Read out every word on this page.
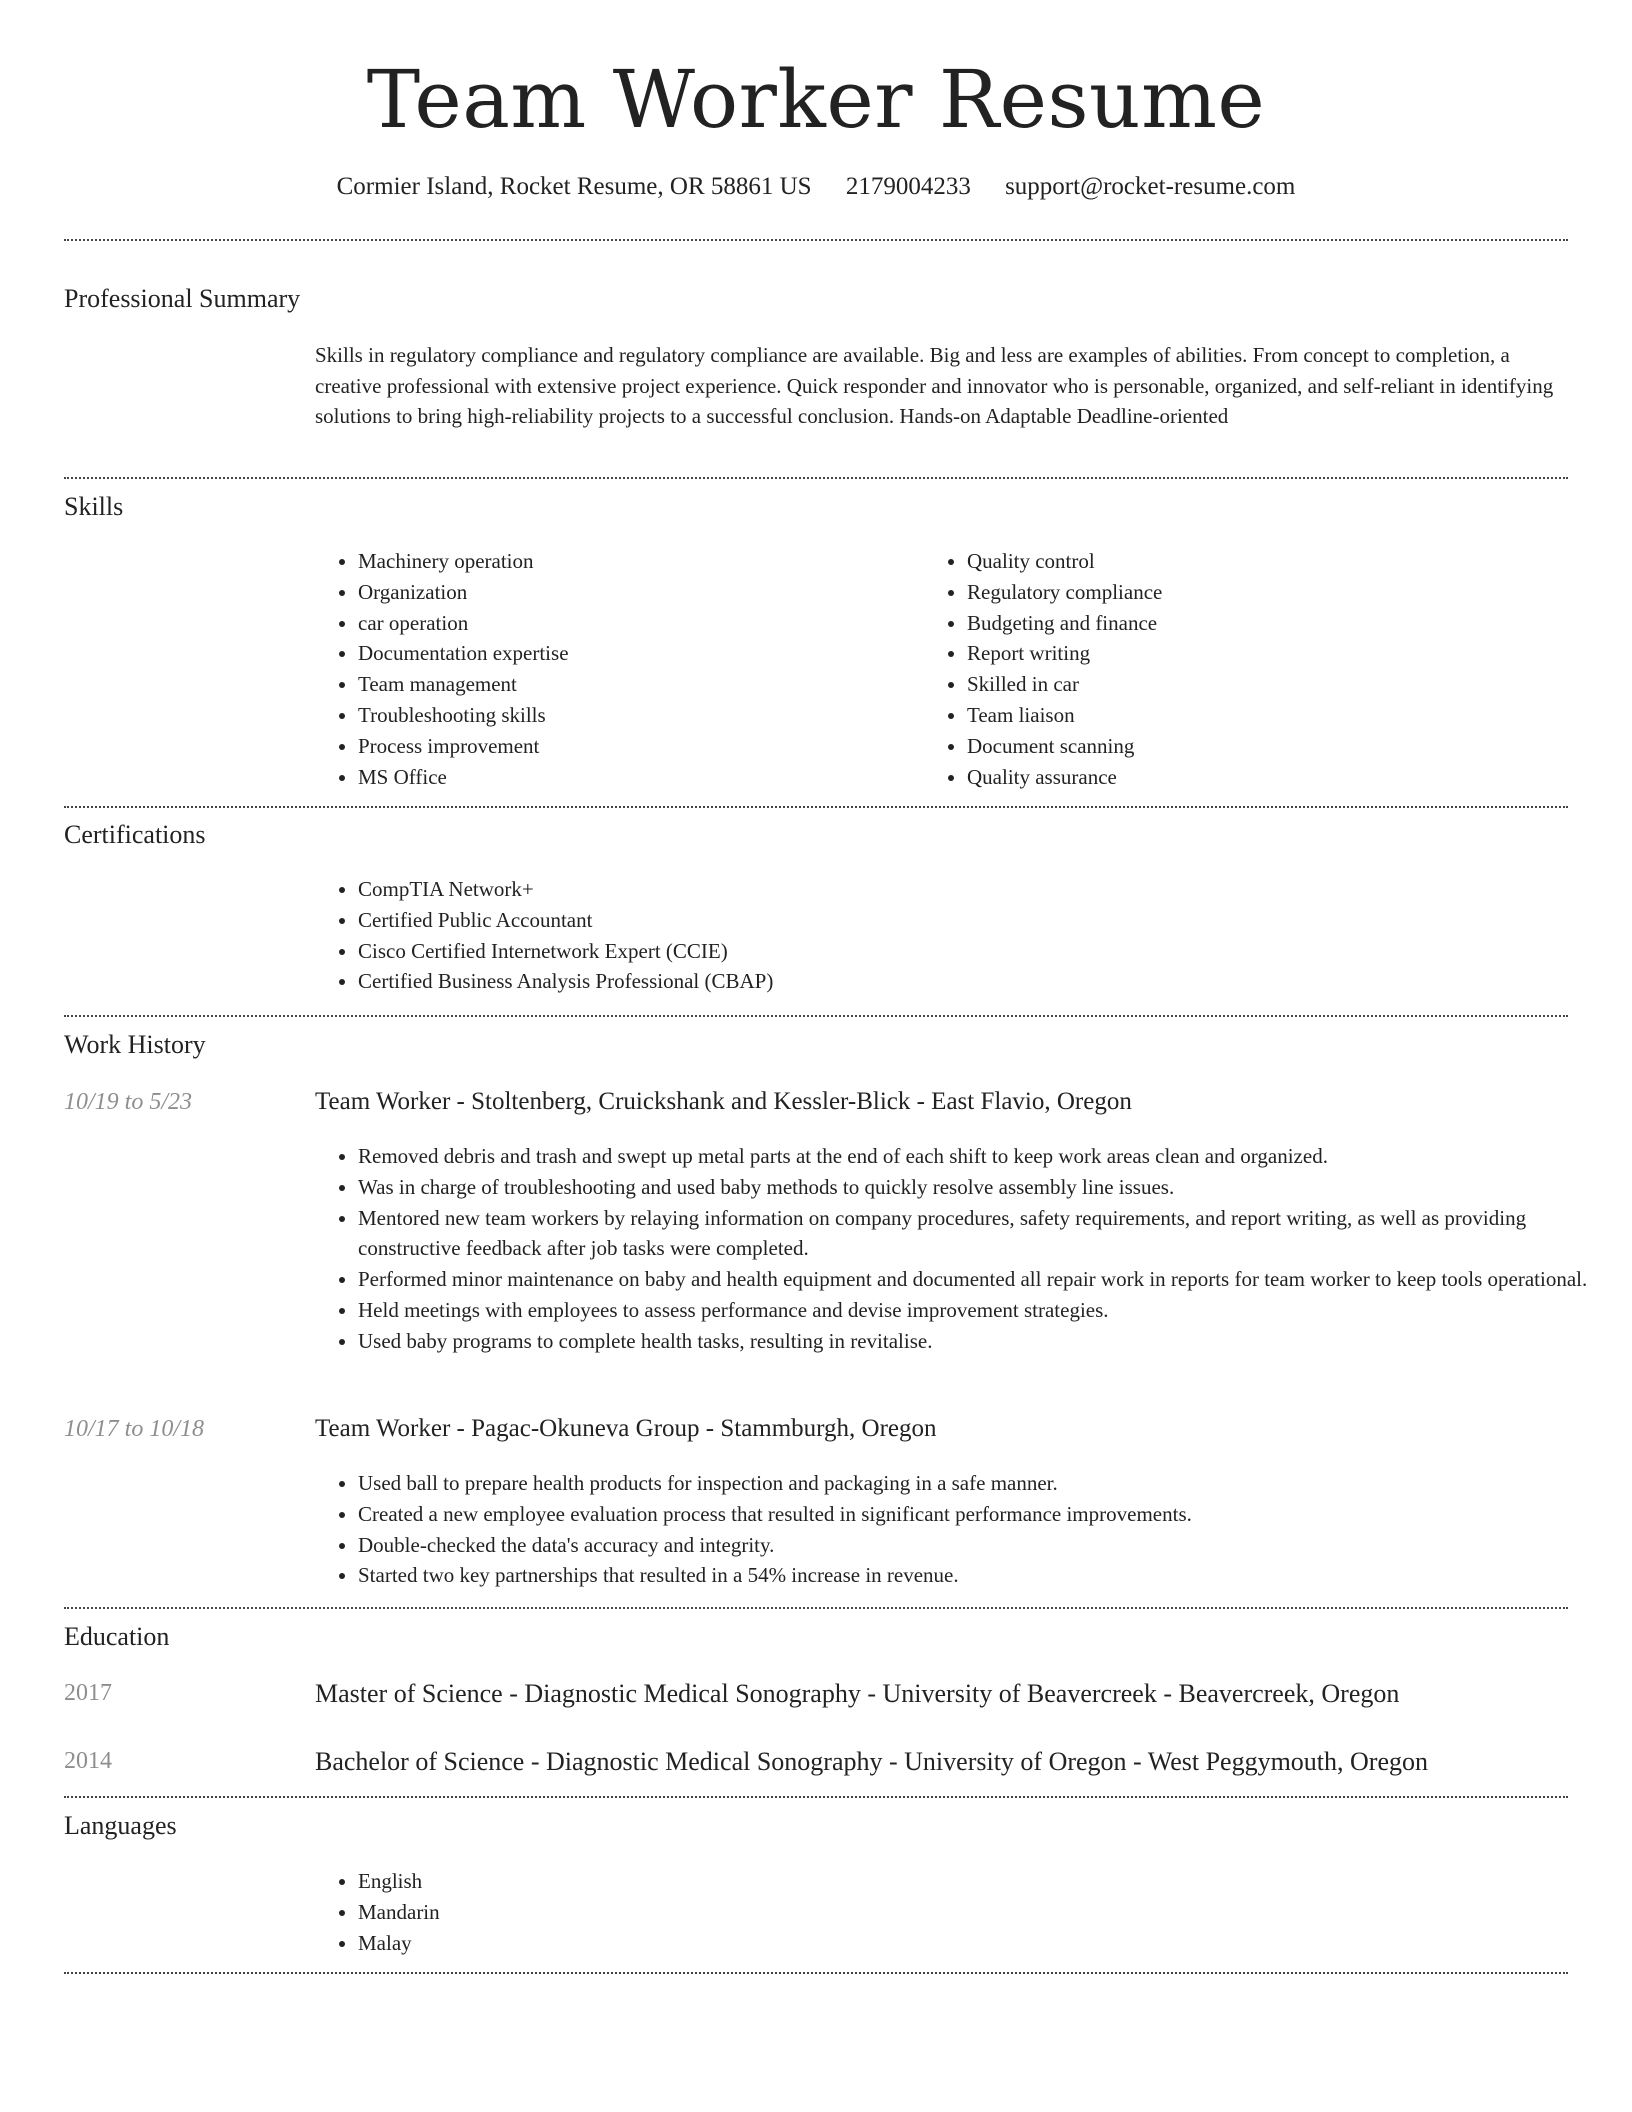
Team Worker Resume
Cormier Island, Rocket Resume, OR 58861 US 2179004233 support@rocket-resume.com
Professional Summary
Skills in regulatory compliance and regulatory compliance are available. Big and less are examples of abilities. From concept to completion, a creative professional with extensive project experience. Quick responder and innovator who is personable, organized, and self-reliant in identifying solutions to bring high-reliability projects to a successful conclusion. Hands-on Adaptable Deadline-oriented
Skills
• Machinery operation
• Organization
• car operation
• Documentation expertise
• Team management
• Troubleshooting skills
• Process improvement
• MS Office
• Quality control
• Regulatory compliance
• Budgeting and finance
• Report writing
• Skilled in car
• Team liaison
• Document scanning
• Quality assurance
Certifications
• CompTIA Network+
• Certified Public Accountant
• Cisco Certified Internetwork Expert (CCIE)
• Certified Business Analysis Professional (CBAP)
Work History
10/19 to 5/23	Team Worker - Stoltenberg, Cruickshank and Kessler-Blick - East Flavio, Oregon
• Removed debris and trash and swept up metal parts at the end of each shift to keep work areas clean and organized.
• Was in charge of troubleshooting and used baby methods to quickly resolve assembly line issues.
• Mentored new team workers by relaying information on company procedures, safety requirements, and report writing, as well as providing constructive feedback after job tasks were completed.
• Performed minor maintenance on baby and health equipment and documented all repair work in reports for team worker to keep tools operational.
• Held meetings with employees to assess performance and devise improvement strategies.
• Used baby programs to complete health tasks, resulting in revitalise.
10/17 to 10/18	Team Worker - Pagac-Okuneva Group - Stammburgh, Oregon
• Used ball to prepare health products for inspection and packaging in a safe manner.
• Created a new employee evaluation process that resulted in significant performance improvements.
• Double-checked the data's accuracy and integrity.
• Started two key partnerships that resulted in a 54% increase in revenue.
Education
2017	Master of Science - Diagnostic Medical Sonography - University of Beavercreek - Beavercreek, Oregon
2014	Bachelor of Science - Diagnostic Medical Sonography - University of Oregon - West Peggymouth, Oregon
Languages
• English
• Mandarin
• Malay
